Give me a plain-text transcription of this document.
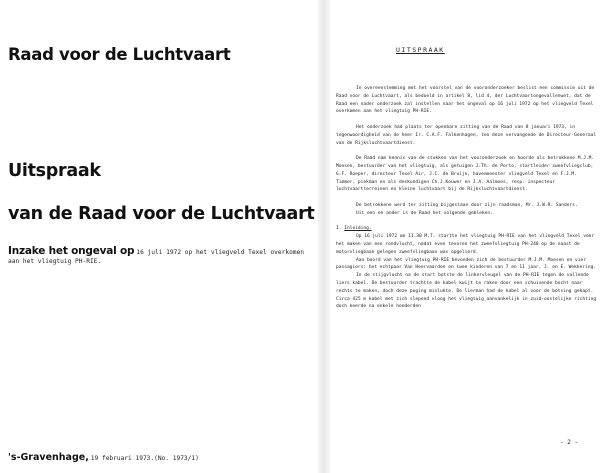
Raad voor de Luchtvaart
Uitspraak
van de Raad voor de Luchtvaart
Inzake het ongeval op 16 juli 1972 op het vliegveld Texel overkomen aan het vliegtuig PH-RIE.
's-Gravenhage, 19 februari 1973.(No. 1973/1)
UITSPRAAK

In overeenstemming met het voorstel van de vooronderzoeker beslist een commissie uit de Raad voor de Luchtvaart, als bedoeld in artikel 8, lid 4, der Luchtvaartongevallenwet, dat de Raad een nader onderzoek zal instellen naar het ongeval op 16 juli 1972 op het vliegveld Texel overkomen aan het vliegtuig PH-RIE.

Het onderzoek had plaats ter openbare zitting van de Raad van 8 januari 1973, in tegenwoordigheid van de heer Ir. C.A.F. Falkenhagen, ten deze vervangende de Directeur-Generaal van de Rijksluchtvaartdienst.

De Raad nam kennis van de stukken van het vooronderzoek en hoorde als betrokkene M.J.M. Moesen, bestuurder van het vliegtuig, als getuigen J.Th. de Porto, startleider zweefvliegclub, G.F. Roeper, directeur Texel Air, J.C. de Bruijn, havenmeester vliegveld Texel en F.J.M. Timmer, piekman en als deskundigen Ch.J.Kouwer en J.A. Aalmoes, resp. inspecteur luchtvaartterreinen en kleine luchtvaart bij de Rijksluchtvaartdienst.

De betrokkene werd ter zitting bijgestaan door zijn raadsman, Mr. J.W.R. Sanders.

Uit een en ander is de Raad het volgende gebleken.

I. Inleiding.

Op 16 juli 1972 om 11.30 M.T. startte het vliegtuig PH-RIE van het vliegveld Texel voor het maken van een rondvlucht, nadat even tevoren het zweefvliegtuig PH-248 op de naast de motorvliegbaan gelegen zweefvliegbaan was opgelierd.

Aan boord van het vliegtuig PH-RIE bevonden zich de bestuurder M.J.M. Moesen en vier passagiers: het echtpaar Van Heervaarden en twee kinderen van 7 en 11 jaar, J. en E. Wekkering.

In de stijgvlucht na de start botste de linkervleugel van de PH-RIE tegen de vallende liers kabel. De bestuurder trachtte de kabel kwijt te raken door een schuivende bocht naar rechts te maken, doch deze poging mislukte. De lierman had de kabel al voor de botsing gekapt. Circa 425 m kabel met zich slepend vloog het vliegtuig aanvankelijk in zuid-oostelijke richting doch keerde na enkele honderden

- 2 -
